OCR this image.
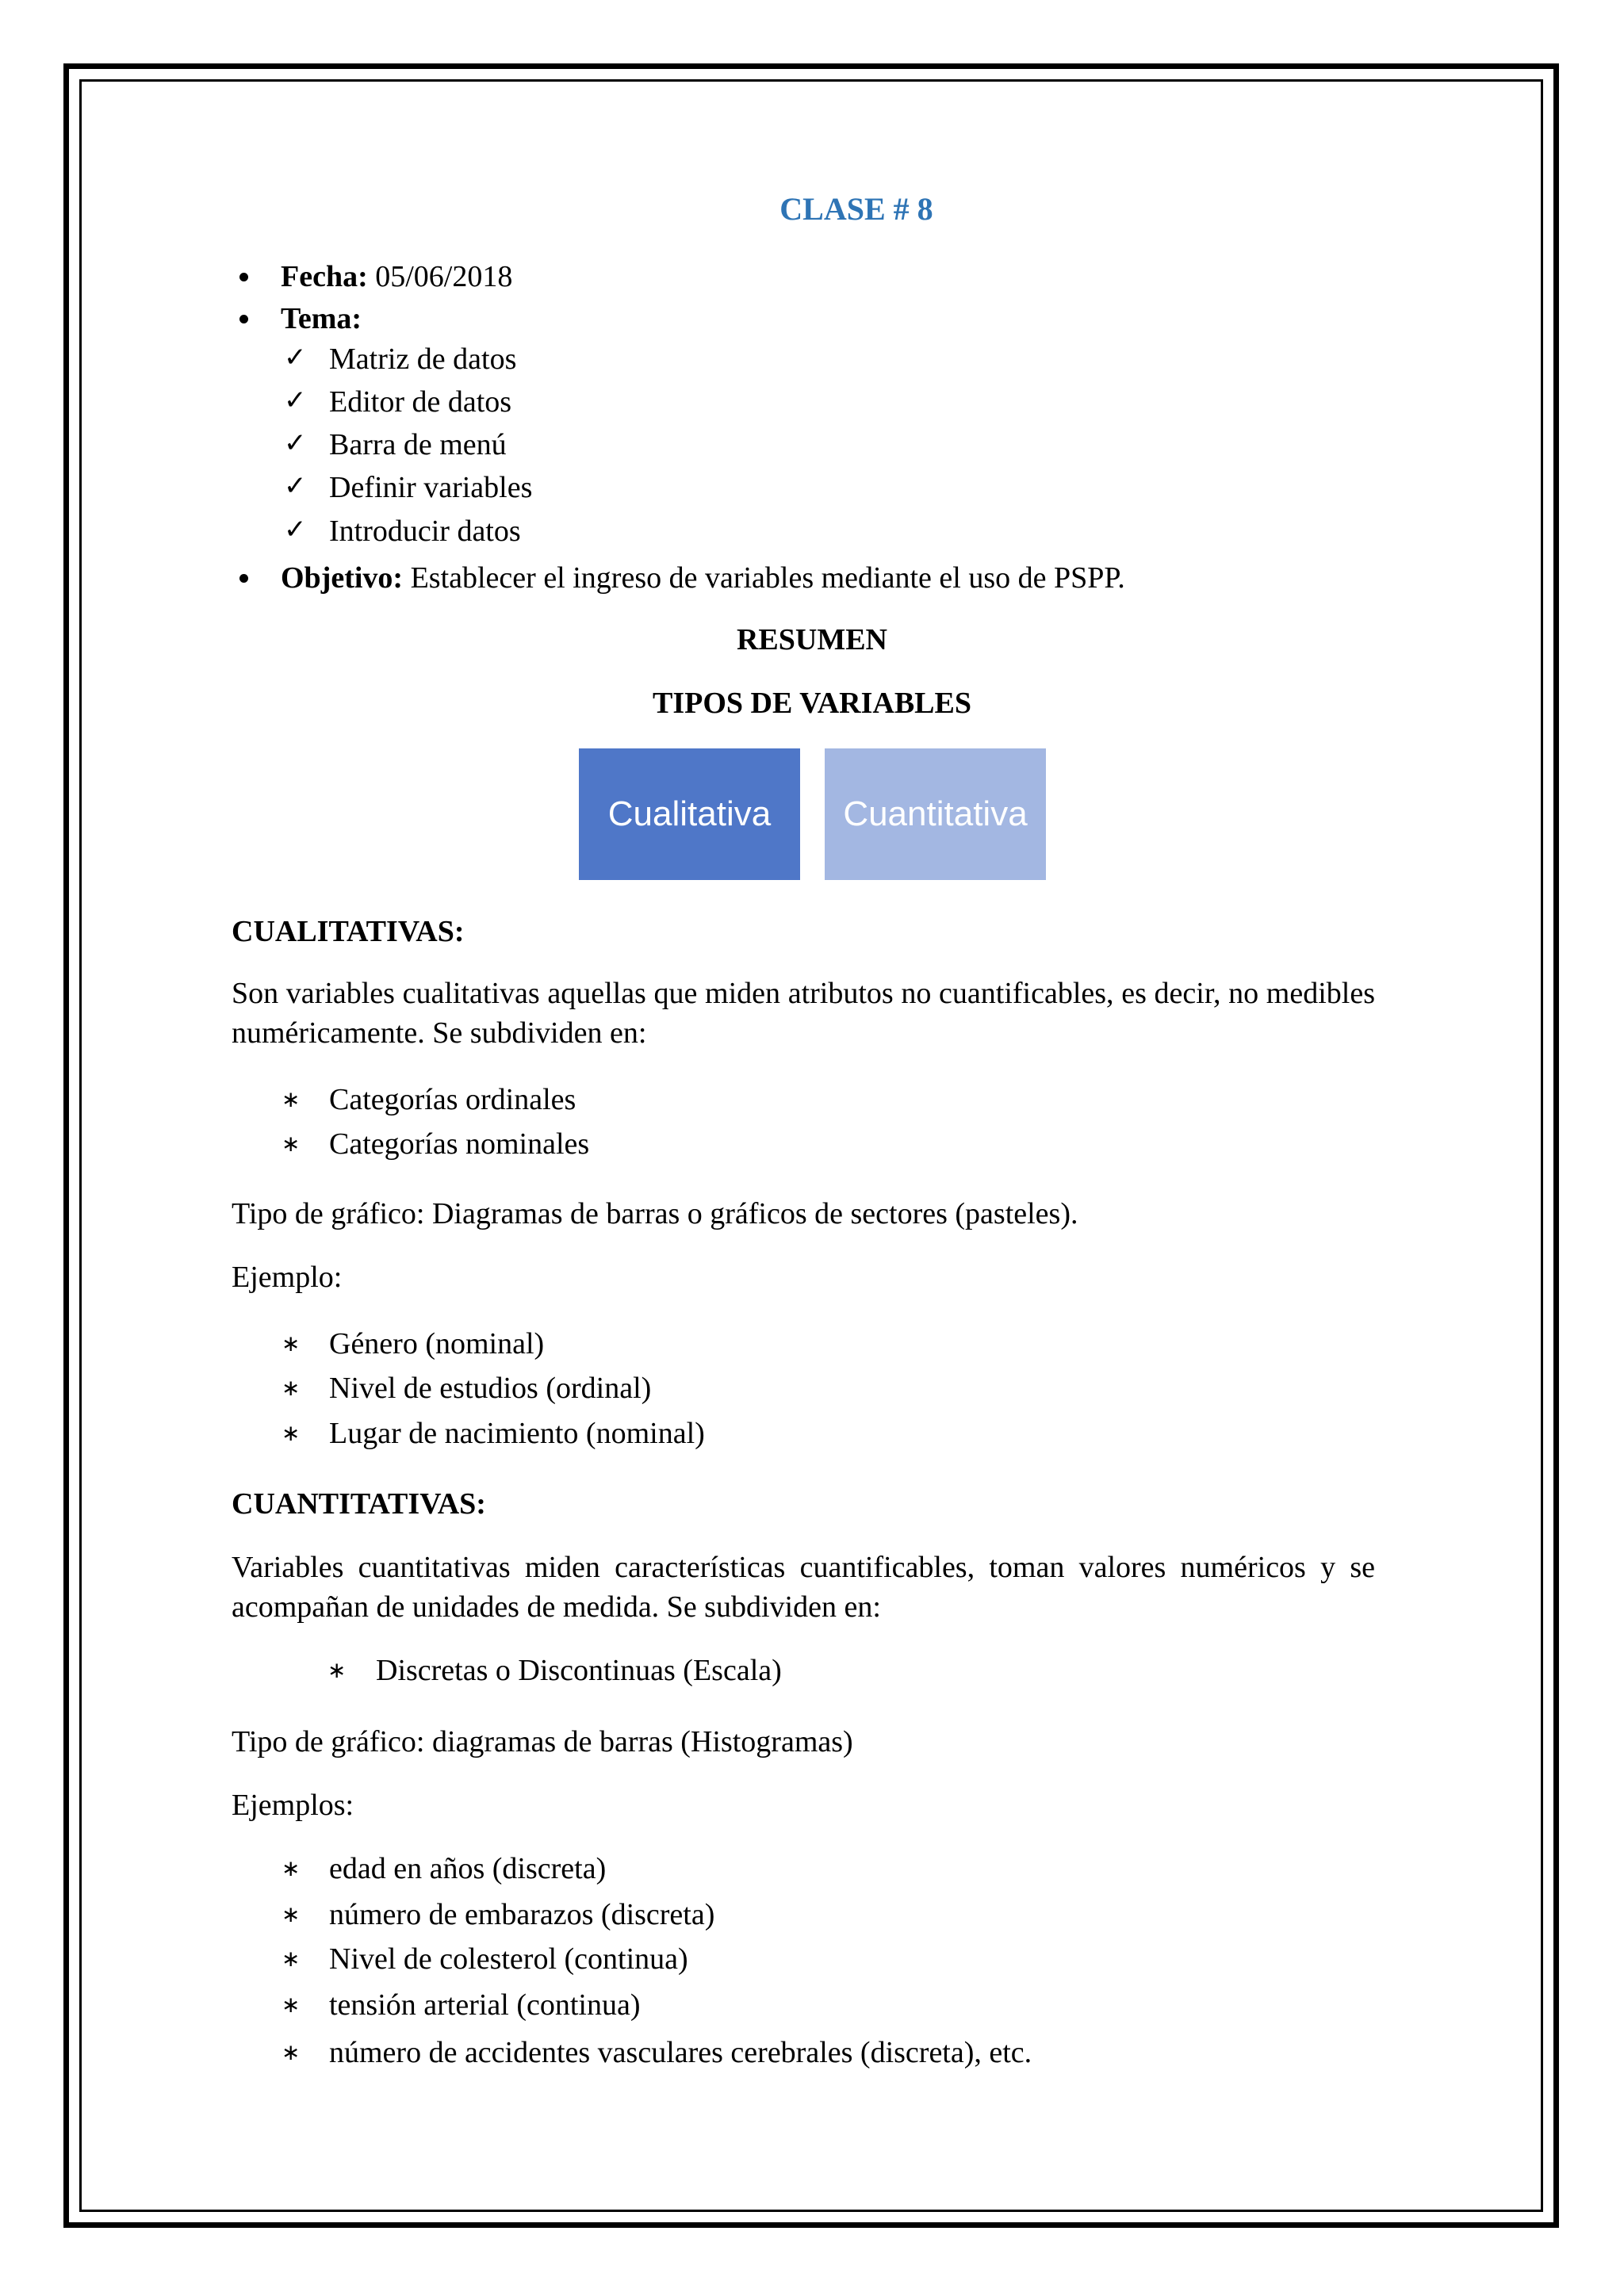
CLASE # 8
Fecha: 05/06/2018
Tema:
✓ Matriz de datos
✓ Editor de datos
✓ Barra de menú
✓ Definir variables
✓ Introducir datos
Objetivo: Establecer el ingreso de variables mediante el uso de PSPP.
RESUMEN
TIPOS DE VARIABLES
Cualitativa	Cuantitativa
CUALITATIVAS:
Son variables cualitativas aquellas que miden atributos no cuantificables, es decir, no medibles numéricamente. Se subdividen en:
∗ Categorías ordinales
∗ Categorías nominales
Tipo de gráfico: Diagramas de barras o gráficos de sectores (pasteles).
Ejemplo:
∗ Género (nominal)
∗ Nivel de estudios (ordinal)
∗ Lugar de nacimiento (nominal)
CUANTITATIVAS:
Variables cuantitativas miden características cuantificables, toman valores numéricos y se acompañan de unidades de medida. Se subdividen en:
∗ Discretas o Discontinuas (Escala)
Tipo de gráfico: diagramas de barras (Histogramas)
Ejemplos:
∗ edad en años (discreta)
∗ número de embarazos (discreta)
∗ Nivel de colesterol (continua)
∗ tensión arterial (continua)
∗ número de accidentes vasculares cerebrales (discreta), etc.
